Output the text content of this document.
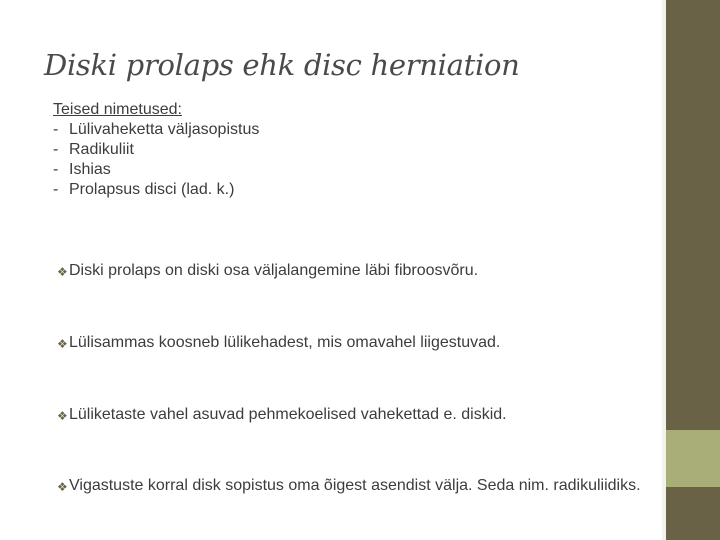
Diski prolaps ehk disc herniation

Teised nimetused:

- Lülivaheketta väljasopistus
- Radikuliit
- Ishias
- Prolapsus disci (lad. k.)
❖ Diski prolaps on diski osa väljalangemine läbi fibroosvõru.
❖ Lülisammas koosneb lülikehadest, mis omavahel liigestuvad.
❖ Lüliketaste vahel asuvad pehmekoelised vahekettad e. diskid.
❖ Vigastuste korral disk sopistus oma õigest asendist välja. Seda nim. radikuliidiks.
